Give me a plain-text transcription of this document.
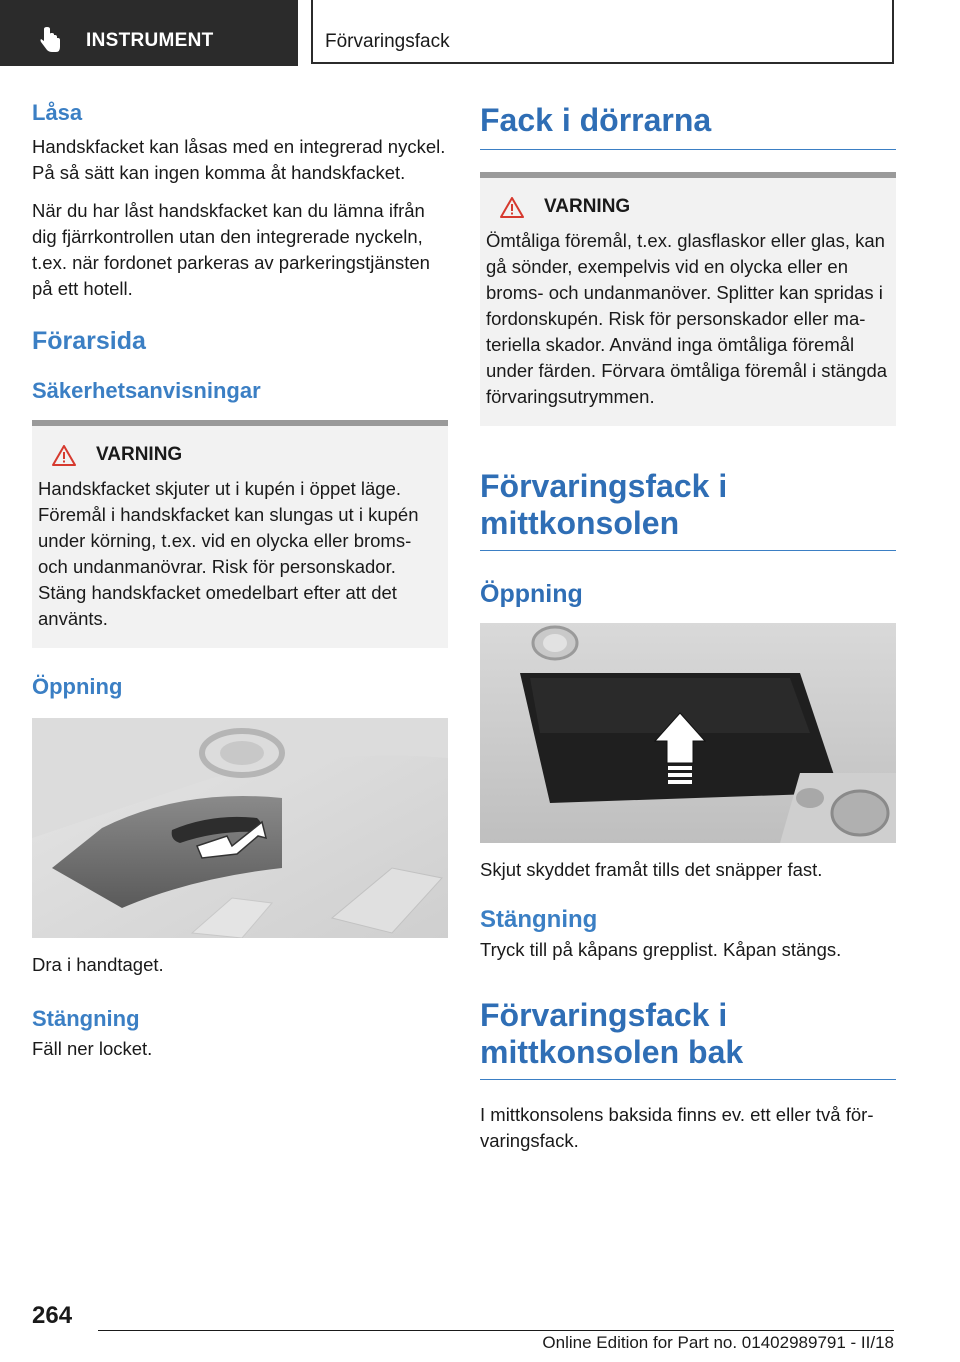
INSTRUMENT	Förvaringsfack
Låsa

Handskfacket kan låsas med en integrerad nyckel. På så sätt kan ingen komma åt handskfacket.

När du har låst handskfacket kan du lämna ifrån dig fjärrkontrollen utan den integrerade nyckeln, t.ex. när fordonet parkeras av parkeringstjänsten på ett hotell.

Förarsida
Säkerhetsanvisningar
VARNING

Handskfacket skjuter ut i kupén i öppet läge. Föremål i handskfacket kan slungas ut i kupén under körning, t.ex. vid en olycka eller broms- och undanmanövrar. Risk för personskador. Stäng handskfacket omedelbart efter att det använts.

Öppning

Dra i handtaget.

Stängning

Fäll ner locket.

Fack i dörrarna
VARNING

Ömtåliga föremål, t.ex. glasflaskor eller glas, kan gå sönder, exempelvis vid en olycka eller en broms- och undanmanöver. Splitter kan spridas i fordonskupén. Risk för personskador eller materiella skador. Använd inga ömtåliga föremål under färden. Förvara ömtåliga föremål i stängda förvaringsutrymmen.

Förvaringsfack i mittkonsolen
Öppning

Skjut skyddet framåt tills det snäpper fast.

Stängning

Tryck till på kåpans grepplist. Kåpan stängs.

Förvaringsfack i mittkonsolen bak

I mittkonsolens baksida finns ev. ett eller två förvaringsfack.

264
Online Edition for Part no. 01402989791 - II/18
